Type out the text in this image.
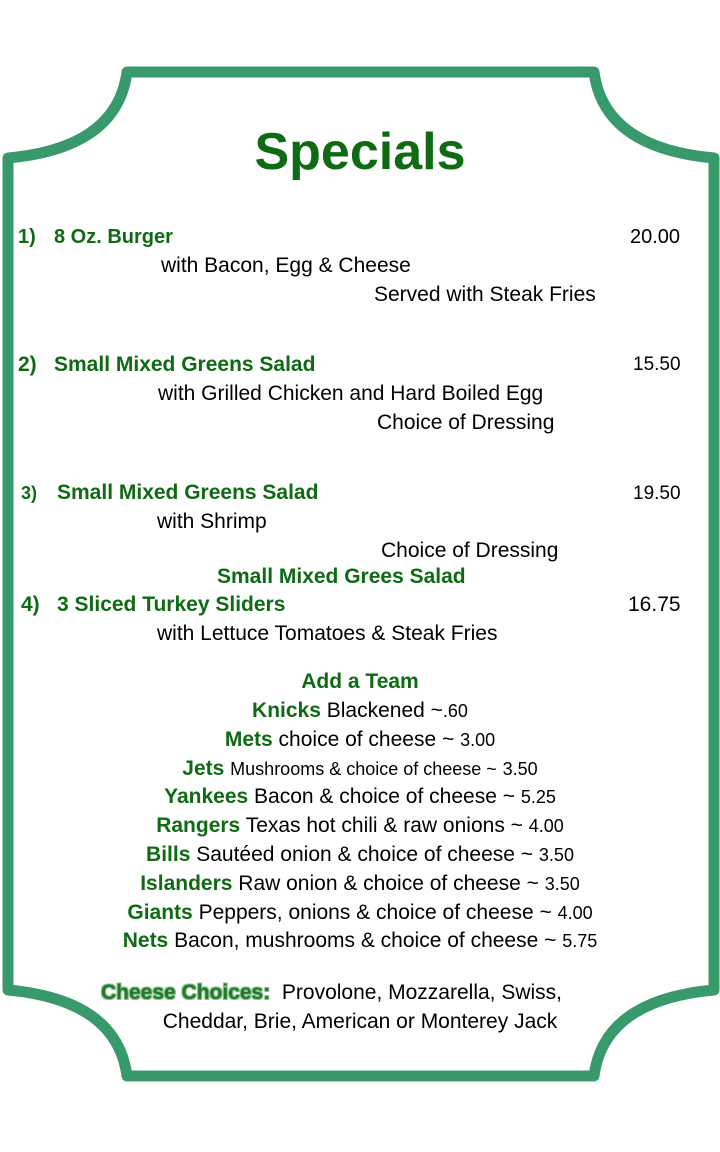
Specials
1) 8 Oz. Burger	20.00
with Bacon, Egg & Cheese
Served with Steak Fries
2) Small Mixed Greens Salad	15.50
with Grilled Chicken and Hard Boiled Egg
Choice of Dressing
3) Small Mixed Greens Salad	19.50
with Shrimp
Choice of Dressing
Small Mixed Grees Salad
4) 3 Sliced Turkey Sliders	16.75
with Lettuce Tomatoes & Steak Fries
Add a Team
Knicks Blackened ~.60
Mets choice of cheese ~ 3.00
Jets Mushrooms & choice of cheese ~ 3.50
Yankees Bacon & choice of cheese ~ 5.25
Rangers Texas hot chili & raw onions ~ 4.00
Bills Sautéed onion & choice of cheese ~ 3.50
Islanders Raw onion & choice of cheese ~ 3.50
Giants Peppers, onions & choice of cheese ~ 4.00
Nets Bacon, mushrooms & choice of cheese ~ 5.75
Cheese Choices: Provolone, Mozzarella, Swiss,
Cheddar, Brie, American or Monterey Jack
